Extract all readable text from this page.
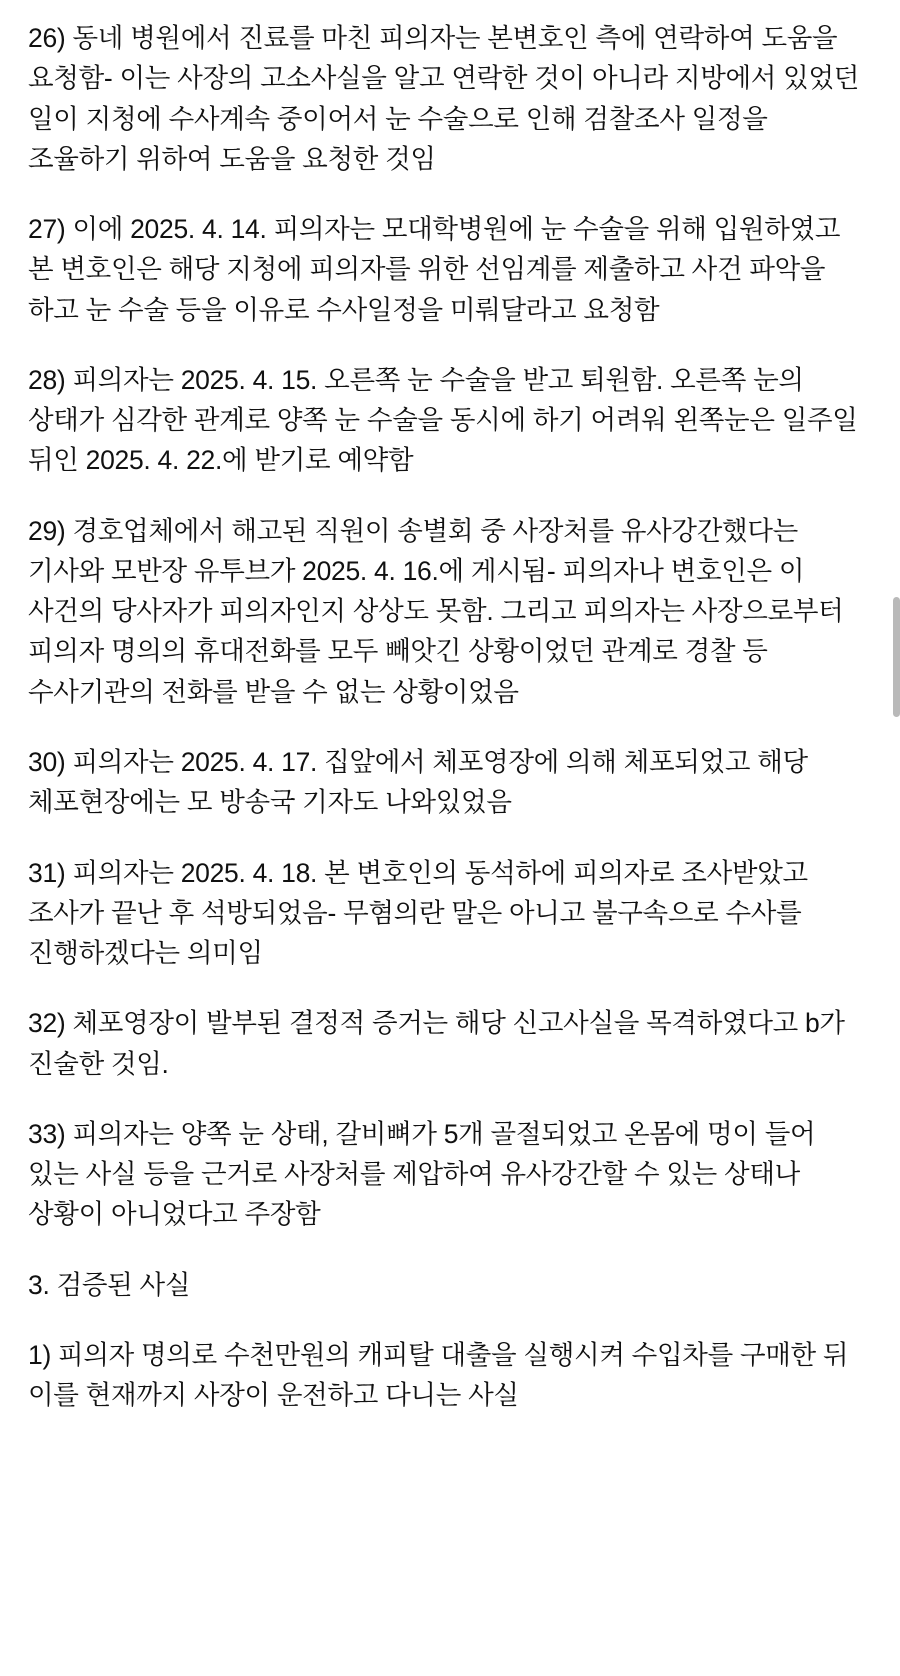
26) 동네 병원에서 진료를 마친 피의자는 본변호인 측에 연락하여 도움을 요청함- 이는 사장의 고소사실을 알고 연락한 것이 아니라 지방에서 있었던 일이 지청에 수사계속 중이어서 눈 수술으로 인해 검찰조사 일정을 조율하기 위하여 도움을 요청한 것임

27) 이에 2025. 4. 14. 피의자는 모대학병원에 눈 수술을 위해 입원하였고 본 변호인은 해당 지청에 피의자를 위한 선임계를 제출하고 사건 파악을 하고 눈 수술 등을 이유로 수사일정을 미뤄달라고 요청함

28) 피의자는 2025. 4. 15. 오른쪽 눈 수술을 받고 퇴원함. 오른쪽 눈의 상태가 심각한 관계로 양쪽 눈 수술을 동시에 하기 어려워 왼쪽눈은 일주일 뒤인 2025. 4. 22.에 받기로 예약함

29) 경호업체에서 해고된 직원이 송별회 중 사장처를 유사강간했다는 기사와 모반장 유투브가 2025. 4. 16.에 게시됨- 피의자나 변호인은 이 사건의 당사자가 피의자인지 상상도 못함. 그리고 피의자는 사장으로부터 피의자 명의의 휴대전화를 모두 빼앗긴 상황이었던 관계로 경찰 등 수사기관의 전화를 받을 수 없는 상황이었음

30) 피의자는 2025. 4. 17. 집앞에서 체포영장에 의해 체포되었고 해당 체포현장에는 모 방송국 기자도 나와있었음

31) 피의자는 2025. 4. 18. 본 변호인의 동석하에 피의자로 조사받았고 조사가 끝난 후 석방되었음- 무혐의란 말은 아니고 불구속으로 수사를 진행하겠다는 의미임

32) 체포영장이 발부된 결정적 증거는 해당 신고사실을 목격하였다고 b가 진술한 것임.

33) 피의자는 양쪽 눈 상태, 갈비뼈가 5개 골절되었고 온몸에 멍이 들어 있는 사실 등을 근거로 사장처를 제압하여 유사강간할 수 있는 상태나 상황이 아니었다고 주장함

3. 검증된 사실

1) 피의자 명의로 수천만원의 캐피탈 대출을 실행시켜 수입차를 구매한 뒤 이를 현재까지 사장이 운전하고 다니는 사실
